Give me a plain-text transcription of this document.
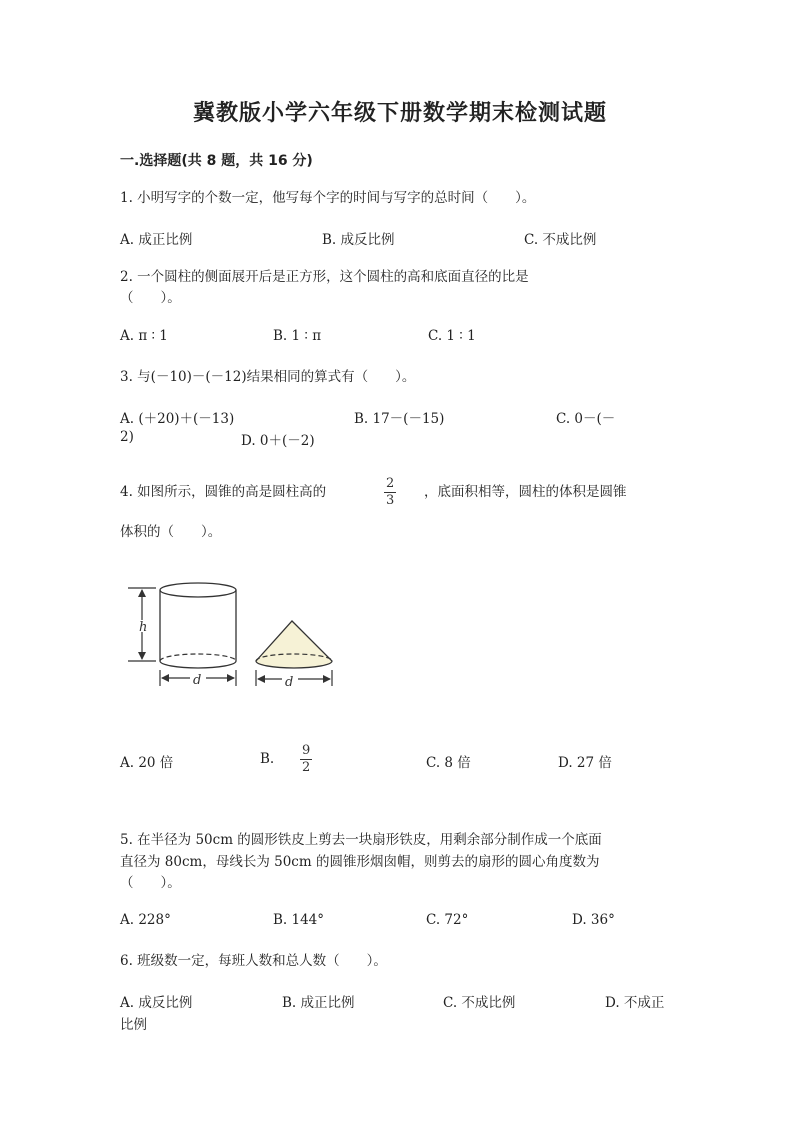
冀教版小学六年级下册数学期末检测试题
一.选择题(共 8 题，共 16 分)
1. 小明写字的个数一定，他写每个字的时间与写字的总时间（　　）。
A. 成正比例	B. 成反比例	C. 不成比例
2. 一个圆柱的侧面展开后是正方形，这个圆柱的高和底面直径的比是
（　　）。
A. π ∶ 1	B. 1 ∶ π	C. 1 ∶ 1
3. 与(－10)－(－12)结果相同的算式有（　　）。
A. (＋20)＋(－13)	B. 17－(－15)	C. 0－(－
2)	D. 0＋(－2)
4. 如图所示，圆锥的高是圆柱高的	$\frac{2}{3}$ ，底面积相等，圆柱的体积是圆锥
体积的（　　）。
h
d	d
A. 20 倍	B. $\frac{9}{2}$	C. 8 倍	D. 27 倍
5. 在半径为 50cm 的圆形铁皮上剪去一块扇形铁皮，用剩余部分制作成一个底面
直径为 80cm，母线长为 50cm 的圆锥形烟囱帽，则剪去的扇形的圆心角度数为
（　　）。
A. 228°	B. 144°	C. 72°	D. 36°
6. 班级数一定，每班人数和总人数（　　）。
A. 成反比例	B. 成正比例	C. 不成比例	D. 不成正
比例
